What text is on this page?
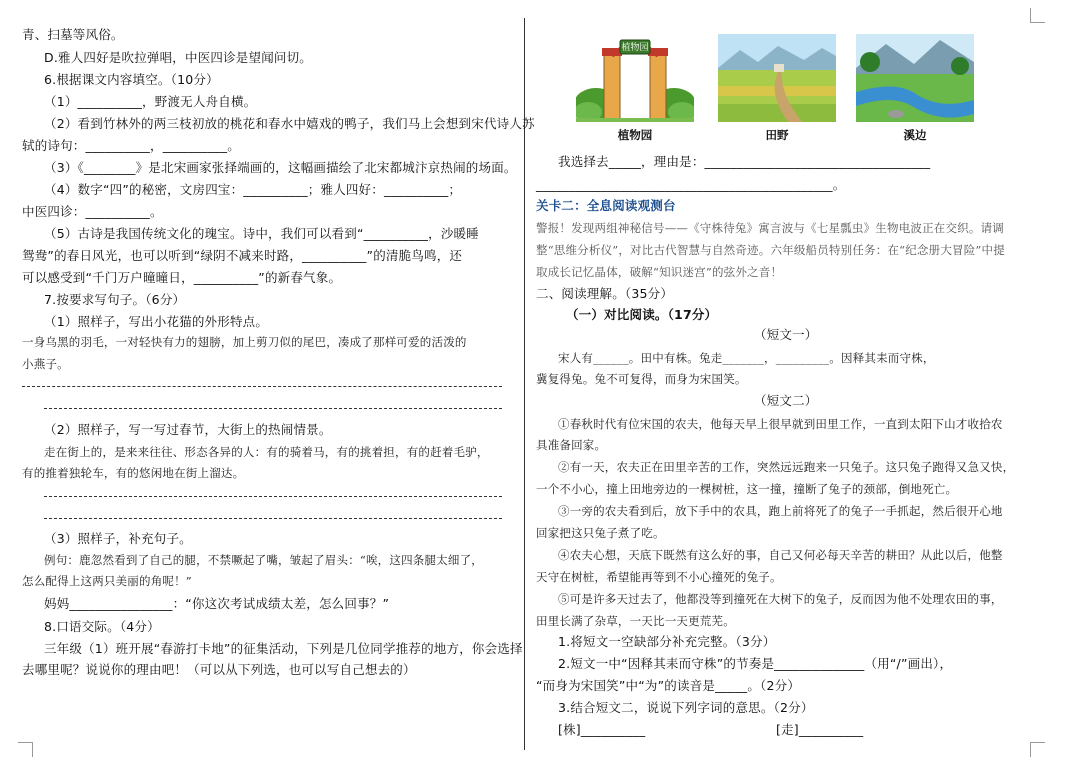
青、扫墓等风俗。
D.雅人四好是吹拉弹唱，中医四诊是望闻问切。
6.根据课文内容填空。（10分）
（1）__________，野渡无人舟自横。
（2）看到竹林外的两三枝初放的桃花和春水中嬉戏的鸭子，我们马上会想到宋代诗人苏
轼的诗句：__________，__________。
（3）《________》是北宋画家张择端画的，这幅画描绘了北宋都城汴京热闹的场面。
（4）数字“四”的秘密，文房四宝：__________；雅人四好：__________；
中医四诊：__________。
（5）古诗是我国传统文化的瑰宝。诗中，我们可以看到“__________，沙暖睡
鸳鸯”的春日风光，也可以听到“绿阴不减来时路，__________”的清脆鸟鸣，还
可以感受到“千门万户曈曈日，__________”的新春气象。
7.按要求写句子。（6分）
（1）照样子，写出小花猫的外形特点。
一身乌黑的羽毛，一对轻快有力的翅膀，加上剪刀似的尾巴，凑成了那样可爱的活泼的
小燕子。
（2）照样子，写一写过春节，大街上的热闹情景。
走在街上的，是来来往往、形态各异的人：有的骑着马，有的挑着担，有的赶着毛驴，
有的推着独轮车，有的悠闲地在街上溜达。
（3）照样子，补充句子。
例句：鹿忽然看到了自己的腿，不禁噘起了嘴，皱起了眉头：“唉，这四条腿太细了，
怎么配得上这两只美丽的角呢！”
妈妈________________：“你这次考试成绩太差，怎么回事？”
8.口语交际。（4分）
三年级（1）班开展“春游打卡地”的征集活动，下列是几位同学推荐的地方，你会选择
去哪里呢？说说你的理由吧！（可以从下列选，也可以写自己想去的）
植物园
植物园	田野	溪边
我选择去_____，理由是：___________________________________
______________________________________________。
关卡二：全息阅读观测台
警报！发现两组神秘信号——《守株待兔》寓言波与《七星瓢虫》生物电波正在交织。请调
整“思维分析仪”，对比古代智慧与自然奇迹。六年级船员特别任务：在“纪念册大冒险”中提
取成长记忆晶体，破解“知识迷宫”的弦外之音！
二、阅读理解。（35分）
（一）对比阅读。（17分）
（短文一）
宋人有______。田中有株。兔走_______，_________。因释其耒而守株，
冀复得兔。兔不可复得，而身为宋国笑。
（短文二）
①春秋时代有位宋国的农夫，他每天早上很早就到田里工作，一直到太阳下山才收拾农
具准备回家。
②有一天，农夫正在田里辛苦的工作，突然远远跑来一只兔子。这只兔子跑得又急又快，
一个不小心，撞上田地旁边的一棵树桩，这一撞，撞断了兔子的颈部，倒地死亡。
③一旁的农夫看到后，放下手中的农具，跑上前将死了的兔子一手抓起，然后很开心地
回家把这只兔子煮了吃。
④农夫心想，天底下既然有这么好的事，自己又何必每天辛苦的耕田？从此以后，他整
天守在树桩，希望能再等到不小心撞死的兔子。
⑤可是许多天过去了，他都没等到撞死在大树下的兔子，反而因为他不处理农田的事，
田里长满了杂草，一天比一天更荒芜。
1.将短文一空缺部分补充完整。（3分）
2.短文一中“因释其耒而守株”的节奏是______________（用“/”画出），
“而身为宋国笑”中“为”的读音是_____。（2分）
3.结合短文二，说说下列字词的意思。（2分）
[株]__________	[走]__________
